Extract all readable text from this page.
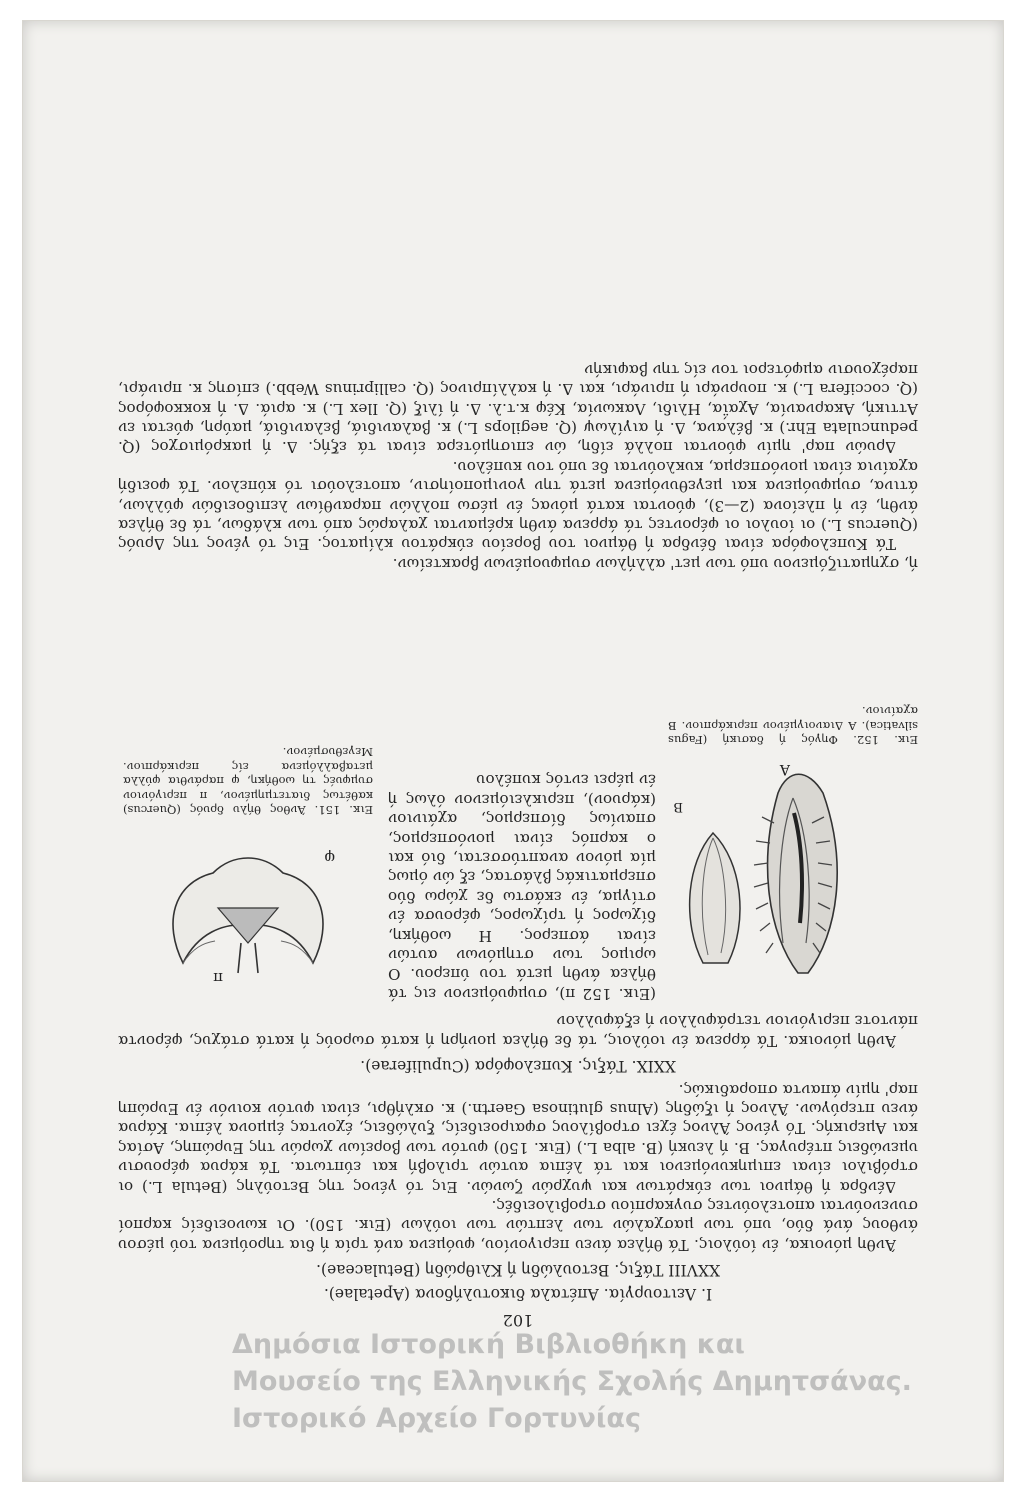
102
I. Λειτουργία. Απέταλα δικοτυλήδονα (Apetalae).
XXVIII Τάξις. Βετουλώδη ή Κλιθρώδη (Betulaceae).

Άνθη μόνοικα, έν ίούλοις. Τά θήλεα άνευ περιγονίου, φυόμενα ανά τρία ή δια τηρούμενα τού μέσου άνθους άνά δύο, υπό των μασχαλών των λεπτών των ιούλων (Εικ. 150). Οι κωνοειδείς καρποί συνενούνται αποτελούντες συγκαρπίου στροβιλοειδές.

Δένδρα ή θάμνοι των εύκράτων και ψυχρών ζωνών. Εις τό γένος της Βετούλης (Betula L.) οι στρόβιλοι είναι επιμηκυνόμενοι και τά λέπια αυτών τριλοβή και εύπτωτα. Τά κάρυα φέρουσιν υμενώδεις πτέρυγας. Β. ή λευκή (B. alba L.) (Εικ. 150) φυτόν των βορείων χωρών της Ευρώπης, Ασίας και Αμερικής. Τό γένος Άλνος έχει στροβίλους σφαιροειδείς, ξυλώδεις, έχοντας έμμονα λέπια. Κάρυα άνευ πτερύγων. Άλνος ή ιξώδης (Alnus glutinosa Gaertn.) κ. σκλήθρι, είναι φυτόν κοινόν έν Ευρώπη παρ' ημίν άπαντα σποραδικώς.

XXIX. Τάξις. Κυπελοφόρα (Cupuliferae).

Άνθη μόνοικα. Τά άρρενα έν ιούλοις, τά δε θήλεα μονήρη ή κατά σωρούς ή κατά στάχυς, φέροντα πάντοτε περιγόνιον τετράφυλλον ή εξάφυλλον

A
B
Εικ. 152. Φηγός ή δασική (Fagus silvatica). Α Διανοιγμένον περικάρπιον. Β αχαίνιον.
(Εικ. 152 π), συμφυόμενον εις τά θήλεα άνθη μετά του ύπερου. Ο ωριμος των στημόνων αυτών είναι άσπερος. Η ωοθήκη, δίχωρος ή τρίχωρος, φέρουσα έν στίγμα, έν εκάστω δε χώρω δύο σπερματικάς βλάστας, εξ ών όμως μία μόνον αναπτύσσεται, διό και ο καρπός είναι μονόσπερμος, σπανίως δίσπερμος, αχάινιον (κάρυον), περικλειόμενον όλως ή έν μέρει εντός κυπέλου
φ
π
Εικ. 151. Άνθος θήλυ δρυός (Quercus) καθέτως διατετμημένον, π περιγόνιον συμφυές τη ωοθήκη, φ παράνθια φύλλα μεταβαλλόμενα είς περικάρπιον. Μεγεθυσμένον.

ή, σχηματιζόμενου υπό των μετ' αλλήλων συμφυομένων βρακτείων.

Τά Κυπελοφόρα είναι δένδρα ή θάμνοι του βορείου εύκράτου κλίματος. Εις τό γένος της Δρυός (Quercus L.) οι ίουλοι οι φέροντες τά άρρενα άνθη κρέμανται χαλαρώς από των κλάδων, τά δε θήλεα άνθη, έν ή πλείονα (2—3), φύονται κατά μόνας έν μέσω πολλών παρανθίων λεπιδοειδών φύλλων, άτινα, συμφυόμενα και μεγεθυνόμενα μετά την γονιμοποίησιν, αποτελούσι τό κύπελον. Τά φοειδή αχαίνια είναι μονόσπερμα, κυκλούνται δε υπό του κυπέλου.

Δρυών παρ' ημίν φύονται πολλά είδη, ών επισημότερα είναι τά εξής. Δ. ή μακρόμισχος (Q. pedunculata Ehr.) κ. βέλανα, Δ. ή αιγίλωψ (Q. aegilops L.) κ. βαλανιδιά, βελανιδιά, μαύρη, φύεται εν Αττική, Ακαρνανία, Αχαΐα, Ηλιδι, Λακωνία, Κέφ κ.τ.λ. Δ. ή ίλιξ (Q. Ilex L.) κ. αριά. Δ. ή κοκκοφόρος (Q. coccifera L.) κ. πουρνάρι ή πρινάρι, και Δ. ή καλλίπρινος (Q. calliprinus Webb.) επίσης κ. πρινάρι, παρέχουσιν αμφότεροι τον είς την βαφικήν

Δημόσια Ιστορική Βιβλιοθήκη και
Μουσείο της Ελληνικής Σχολής Δημητσάνας.
Ιστορικό Αρχείο Γορτυνίας
